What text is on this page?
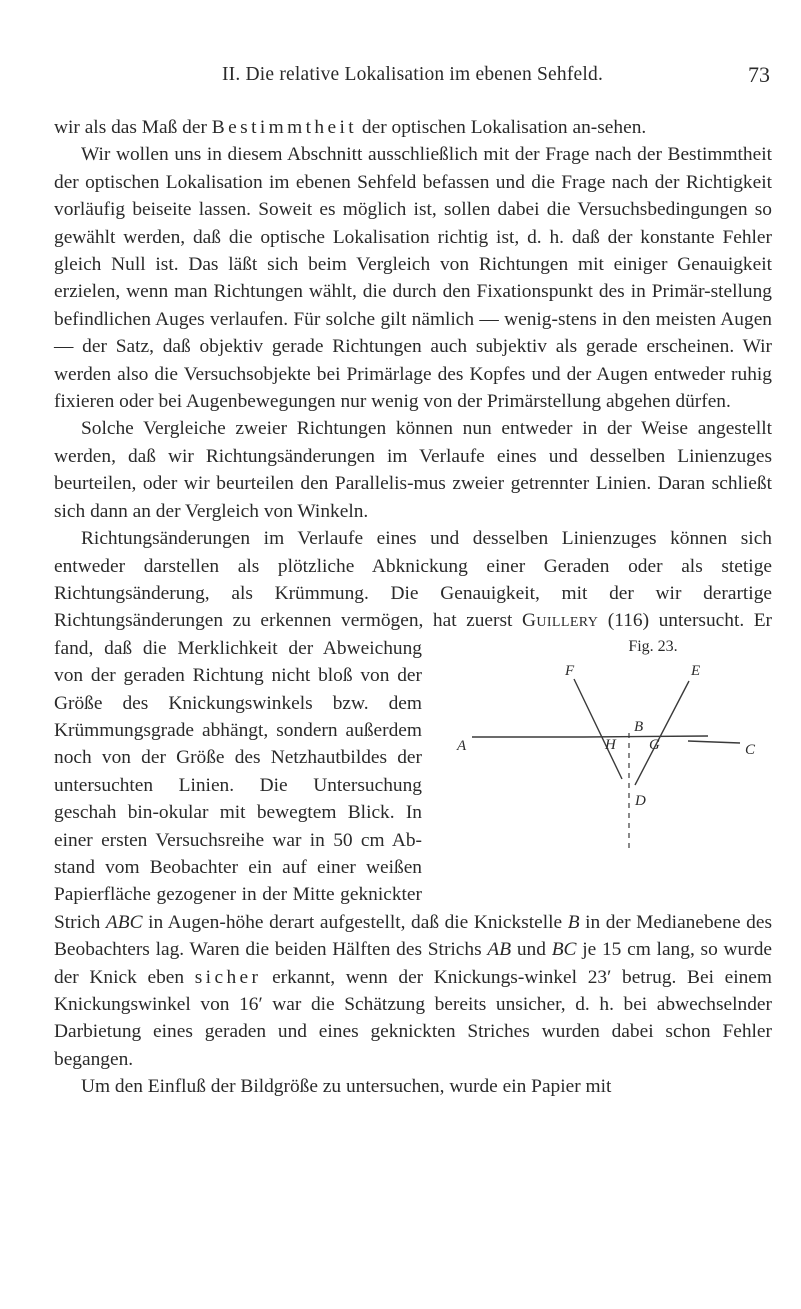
II. Die relative Lokalisation im ebenen Sehfeld.	73

wir als das Maß der Bestimmtheit der optischen Lokalisation an-sehen.

Wir wollen uns in diesem Abschnitt ausschließlich mit der Frage nach der Bestimmtheit der optischen Lokalisation im ebenen Sehfeld befassen und die Frage nach der Richtigkeit vorläufig beiseite lassen. Soweit es möglich ist, sollen dabei die Versuchsbedingungen so gewählt werden, daß die optische Lokalisation richtig ist, d. h. daß der konstante Fehler gleich Null ist. Das läßt sich beim Vergleich von Richtungen mit einiger Genauigkeit erzielen, wenn man Richtungen wählt, die durch den Fixationspunkt des in Primär-stellung befindlichen Auges verlaufen. Für solche gilt nämlich — wenig-stens in den meisten Augen — der Satz, daß objektiv gerade Richtungen auch subjektiv als gerade erscheinen. Wir werden also die Versuchsobjekte bei Primärlage des Kopfes und der Augen entweder ruhig fixieren oder bei Augenbewegungen nur wenig von der Primärstellung abgehen dürfen.

Solche Vergleiche zweier Richtungen können nun entweder in der Weise angestellt werden, daß wir Richtungsänderungen im Verlaufe eines und desselben Linienzuges beurteilen, oder wir beurteilen den Parallelis-mus zweier getrennter Linien. Daran schließt sich dann an der Vergleich von Winkeln.

Richtungsänderungen im Verlaufe eines und desselben Linienzuges können sich entweder darstellen als plötzliche Abknickung einer Geraden oder als stetige Richtungsänderung, als Krümmung. Die Genauigkeit, mit der wir derartige Richtungsänderungen zu erkennen vermögen, hat zuerst Guillery
Fig. 23.
F	E
B
A	H G	C
D
(116) untersucht. Er fand, daß die Merklichkeit der Abweichung von der geraden Richtung nicht bloß von der Größe des Knickungswinkels bzw. dem Krümmungsgrade abhängt, sondern außerdem noch von der Größe des Netzhautbildes der untersuchten Linien. Die Untersuchung geschah bin-okular mit bewegtem Blick. In einer ersten Versuchsreihe war in 50 cm Ab-stand vom Beobachter ein auf einer weißen Papierfläche gezogener in der Mitte geknickter Strich ABC in Augen-höhe derart aufgestellt, daß die Knickstelle B in der Medianebene des Beobachters lag. Waren die beiden Hälften des Strichs AB und BC je 15 cm lang, so wurde der Knick eben sicher erkannt, wenn der Knickungs-winkel 23′ betrug. Bei einem Knickungswinkel von 16′ war die Schätzung bereits unsicher, d. h. bei abwechselnder Darbietung eines geraden und eines geknickten Striches wurden dabei schon Fehler begangen.

Um den Einfluß der Bildgröße zu untersuchen, wurde ein Papier mit
